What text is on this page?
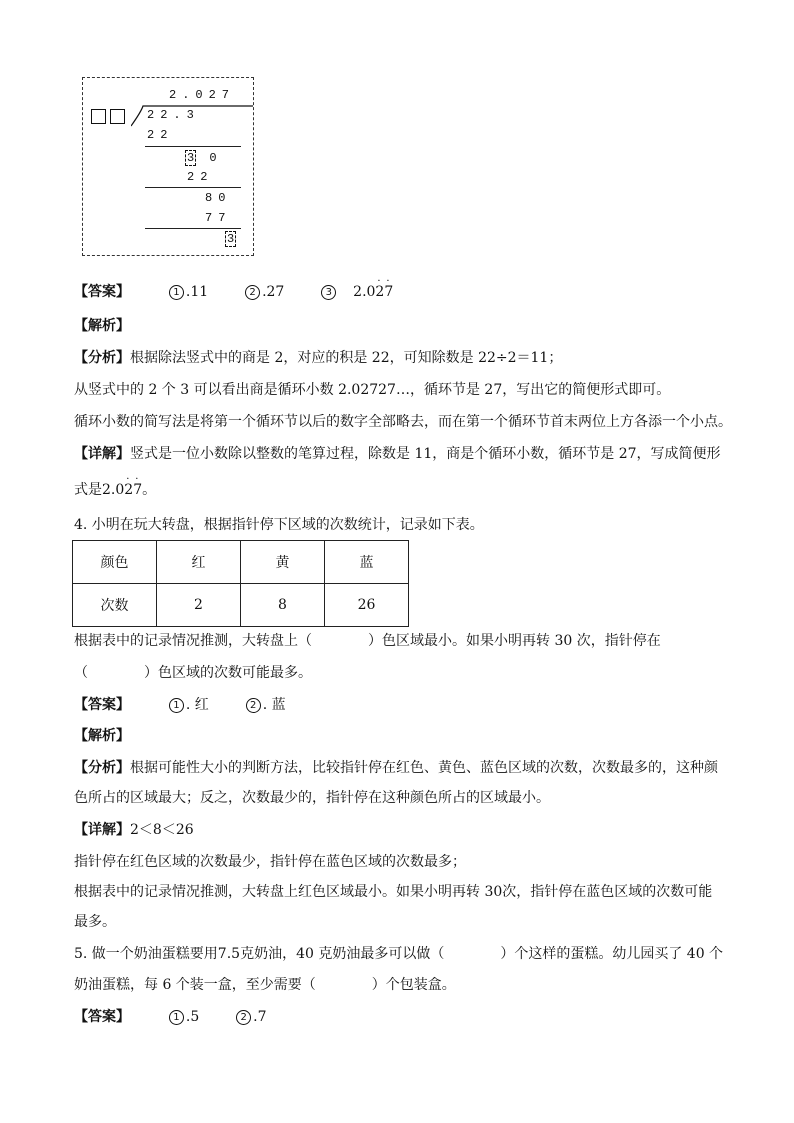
2.027
22.3
22
3 0
22
80
77
3
【答案】	1 .11	2 .27	3 2.0
·
2
·
7
【解析】
【分析】根据除法竖式中的商是 2，对应的积是 22，可知除数是 22÷2＝11；
从竖式中的 2 个 3 可以看出商是循环小数 2.02727…，循环节是 27，写出它的简便形式即可。
循环小数的简写法是将第一个循环节以后的数字全部略去，而在第一个循环节首末两位上方各添一个小点。
【详解】竖式是一位小数除以整数的笔算过程，除数是 11，商是个循环小数，循环节是 27，写成简便形
式是2.0
·
2
·
7。
4. 小明在玩大转盘，根据指针停下区域的次数统计，记录如下表。
颜色	红	黄	蓝
次数	2	8	26
根据表中的记录情况推测，大转盘上（　　　　）色区域最小。如果小明再转 30 次，指针停在
（　　　　）色区域的次数可能最多。
【答案】	1 . 红	2 . 蓝
【解析】
【分析】根据可能性大小的判断方法，比较指针停在红色、黄色、蓝色区域的次数，次数最多的，这种颜
色所占的区域最大；反之，次数最少的，指针停在这种颜色所占的区域最小。
【详解】2＜8＜26
指针停在红色区域的次数最少，指针停在蓝色区域的次数最多；
根据表中的记录情况推测，大转盘上红色区域最小。如果小明再转 30次，指针停在蓝色区域的次数可能
最多。
5. 做一个奶油蛋糕要用7.5克奶油，40 克奶油最多可以做（　　　　）个这样的蛋糕。幼儿园买了 40 个
奶油蛋糕，每 6 个装一盒，至少需要（　　　　）个包装盒。
【答案】	1 .5	2 .7
